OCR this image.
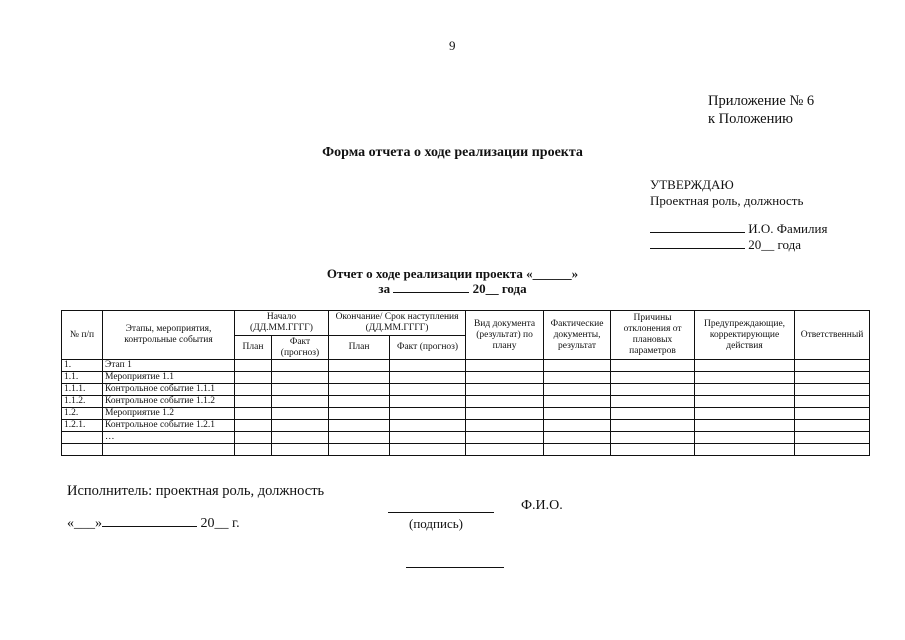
9
Приложение № 6
к Положению
Форма отчета о ходе реализации проекта
УТВЕРЖДАЮ
Проектная роль, должность
И.О. Фамилия
20__ года
Отчет о ходе реализации проекта «______»
за	20__ года
№ п/п	Этапы, мероприятия, контрольные события	Начало (ДД.ММ.ГГГГ)		Окончание/ Срок наступления (ДД.ММ.ГГГГ)		Вид документа (результат) по плану	Фактические документы, результат	Причины отклонения от плановых параметров	Предупреждающие, корректирующие действия	Ответственный
		План	Факт (прогноз)	План	Факт (прогноз)					
1.	Этап 1									
1.1.	Мероприятие 1.1									
1.1.1.	Контрольное событие 1.1.1									
1.1.2.	Контрольное событие 1.1.2									
1.2.	Мероприятие 1.2									
1.2.1.	Контрольное событие 1.2.1									
	…									

Исполнитель: проектная роль, должность
Ф.И.О.
(подпись)
«___»	20__ г.
